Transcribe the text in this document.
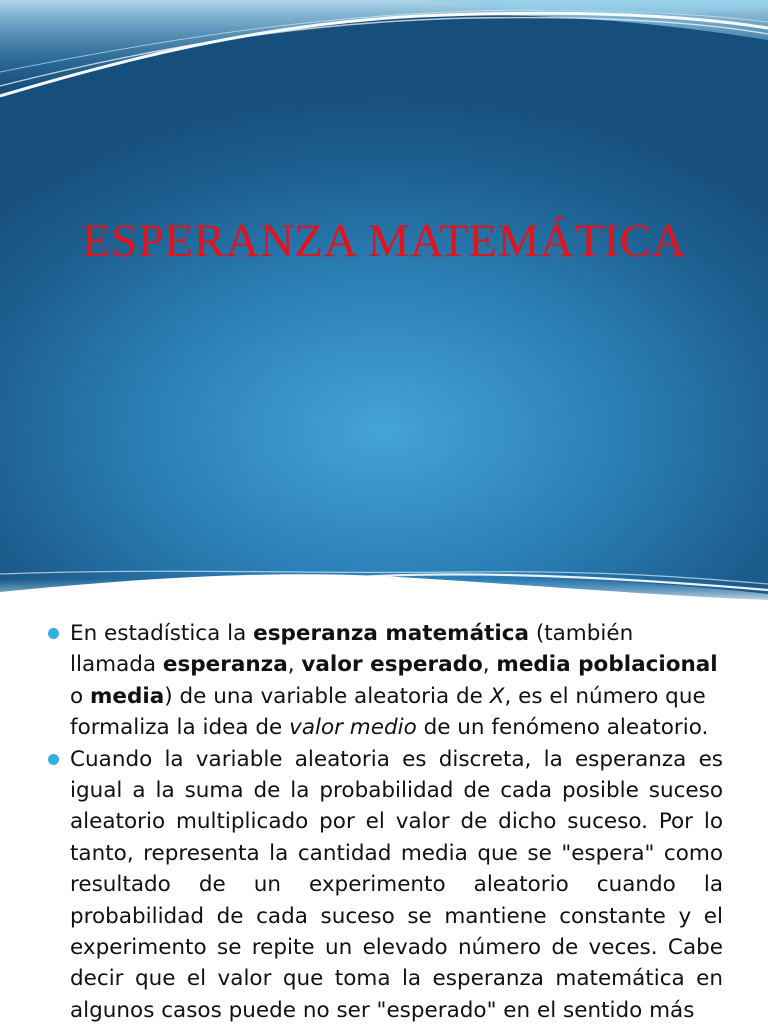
ESPERANZA MATEMÁTICA

En estadística la esperanza matemática (también llamada esperanza, valor esperado, media poblacional o media) de una variable aleatoria de X, es el número que formaliza la idea de valor medio de un fenómeno aleatorio.

Cuando la variable aleatoria es discreta, la esperanza es igual a la suma de la probabilidad de cada posible suceso aleatorio multiplicado por el valor de dicho suceso. Por lo tanto, representa la cantidad media que se "espera" como resultado de un experimento aleatorio cuando la probabilidad de cada suceso se mantiene constante y el experimento se repite un elevado número de veces. Cabe decir que el valor que toma la esperanza matemática en algunos casos puede no ser "esperado" en el sentido más
